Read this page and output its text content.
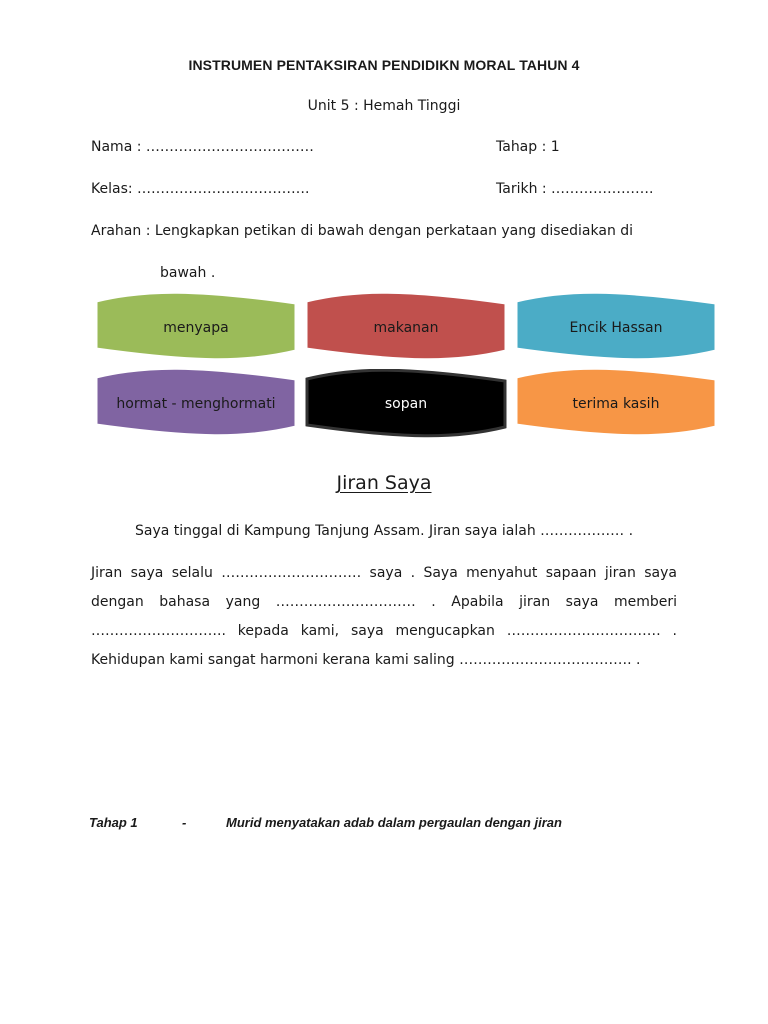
INSTRUMEN PENTAKSIRAN PENDIDIKN MORAL TAHUN 4
Unit 5 : Hemah Tinggi
Nama : ………………………………	Tahap : 1
Kelas: ……………………………….	Tarikh : ………………….
Arahan : Lengkapkan petikan di bawah dengan perkataan yang disediakan di
bawah .
menyapa	makanan	Encik Hassan
hormat - menghormati	sopan	terima kasih
Jiran Saya
Saya tinggal di Kampung Tanjung Assam. Jiran saya ialah ……………… .
Jiran saya selalu ………………………… saya . Saya menyahut sapaan jiran saya
dengan bahasa yang ………………………… . Apabila jiran saya memberi
……………………….. kepada kami, saya mengucapkan …………………………… .
Kehidupan kami sangat harmoni kerana kami saling ………………………………. .
Tahap 1	-	Murid menyatakan adab dalam pergaulan dengan jiran
